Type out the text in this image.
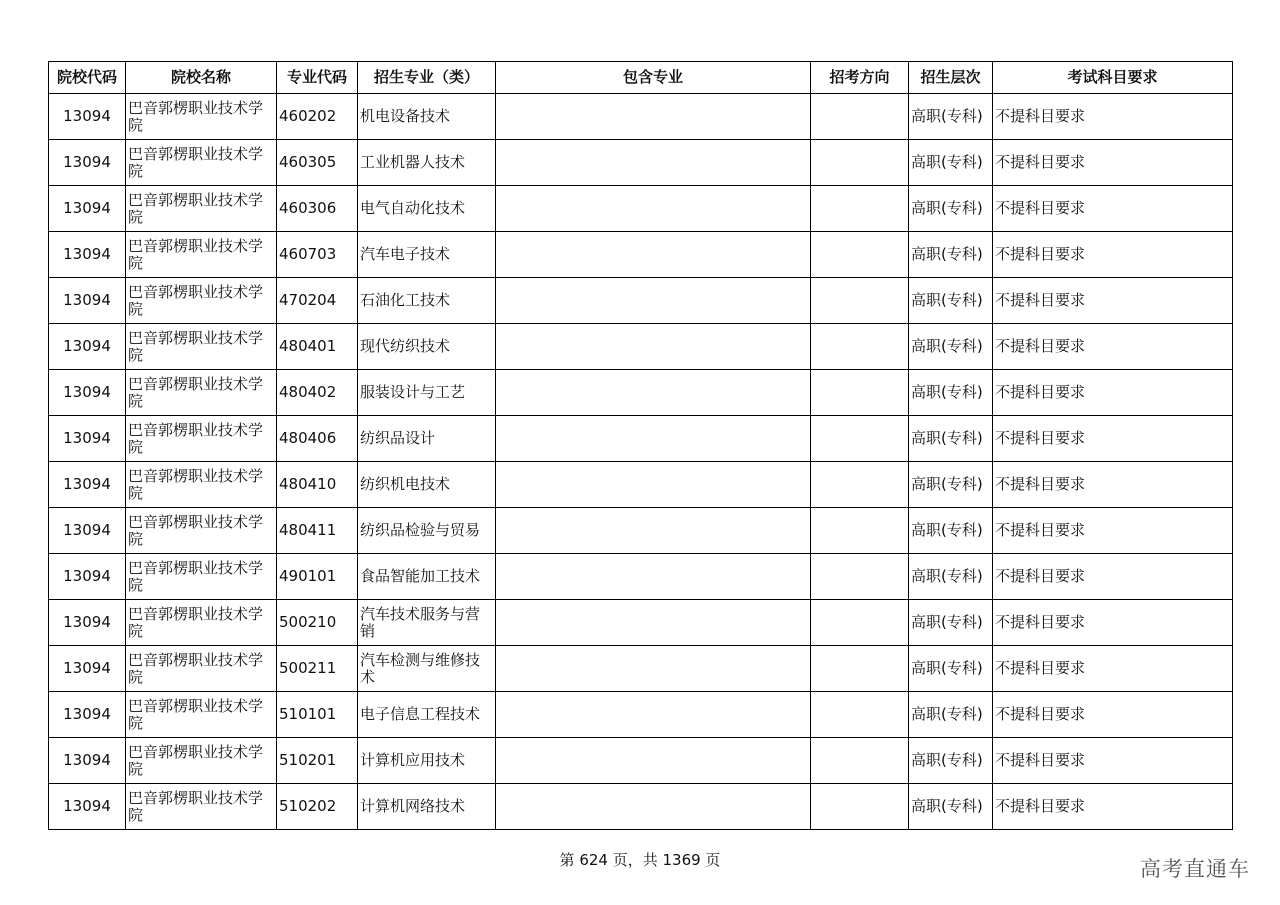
院校代码	院校名称	专业代码	招生专业（类）	包含专业	招考方向	招生层次	考试科目要求
13094	巴音郭楞职业技术学院	460202	机电设备技术			高职(专科)	不提科目要求
13094	巴音郭楞职业技术学院	460305	工业机器人技术			高职(专科)	不提科目要求
13094	巴音郭楞职业技术学院	460306	电气自动化技术			高职(专科)	不提科目要求
13094	巴音郭楞职业技术学院	460703	汽车电子技术			高职(专科)	不提科目要求
13094	巴音郭楞职业技术学院	470204	石油化工技术			高职(专科)	不提科目要求
13094	巴音郭楞职业技术学院	480401	现代纺织技术			高职(专科)	不提科目要求
13094	巴音郭楞职业技术学院	480402	服装设计与工艺			高职(专科)	不提科目要求
13094	巴音郭楞职业技术学院	480406	纺织品设计			高职(专科)	不提科目要求
13094	巴音郭楞职业技术学院	480410	纺织机电技术			高职(专科)	不提科目要求
13094	巴音郭楞职业技术学院	480411	纺织品检验与贸易			高职(专科)	不提科目要求
13094	巴音郭楞职业技术学院	490101	食品智能加工技术			高职(专科)	不提科目要求
13094	巴音郭楞职业技术学院	500210	汽车技术服务与营销			高职(专科)	不提科目要求
13094	巴音郭楞职业技术学院	500211	汽车检测与维修技术			高职(专科)	不提科目要求
13094	巴音郭楞职业技术学院	510101	电子信息工程技术			高职(专科)	不提科目要求
13094	巴音郭楞职业技术学院	510201	计算机应用技术			高职(专科)	不提科目要求
13094	巴音郭楞职业技术学院	510202	计算机网络技术			高职(专科)	不提科目要求
第 624 页，共 1369 页	高考直通车
